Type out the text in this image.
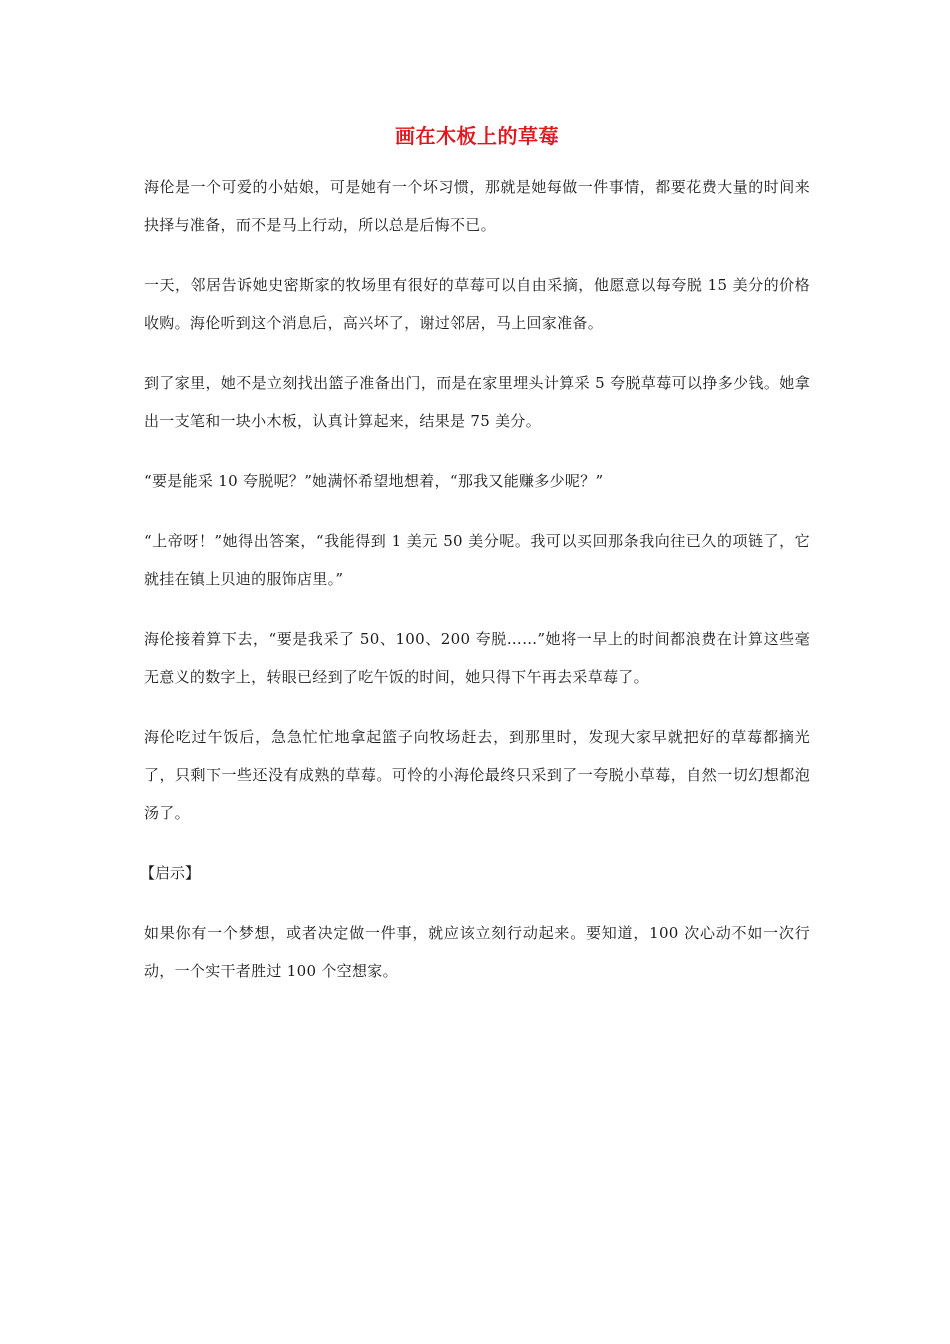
画在木板上的草莓

海伦是一个可爱的小姑娘，可是她有一个坏习惯，那就是她每做一件事情，都要花费大量的时间来抉择与准备，而不是马上行动，所以总是后悔不已。

一天，邻居告诉她史密斯家的牧场里有很好的草莓可以自由采摘，他愿意以每夸脱 15 美分的价格收购。海伦听到这个消息后，高兴坏了，谢过邻居，马上回家准备。

到了家里，她不是立刻找出篮子准备出门，而是在家里埋头计算采 5 夸脱草莓可以挣多少钱。她拿出一支笔和一块小木板，认真计算起来，结果是 75 美分。

“要是能采 10 夸脱呢？”她满怀希望地想着，“那我又能赚多少呢？”

“上帝呀！”她得出答案，“我能得到 1 美元 50 美分呢。我可以买回那条我向往已久的项链了，它就挂在镇上贝迪的服饰店里。”

海伦接着算下去，“要是我采了 50、100、200 夸脱……”她将一早上的时间都浪费在计算这些毫无意义的数字上，转眼已经到了吃午饭的时间，她只得下午再去采草莓了。

海伦吃过午饭后，急急忙忙地拿起篮子向牧场赶去，到那里时，发现大家早就把好的草莓都摘光了，只剩下一些还没有成熟的草莓。可怜的小海伦最终只采到了一夸脱小草莓，自然一切幻想都泡汤了。

【启示】

如果你有一个梦想，或者决定做一件事，就应该立刻行动起来。要知道，100 次心动不如一次行动，一个实干者胜过 100 个空想家。
